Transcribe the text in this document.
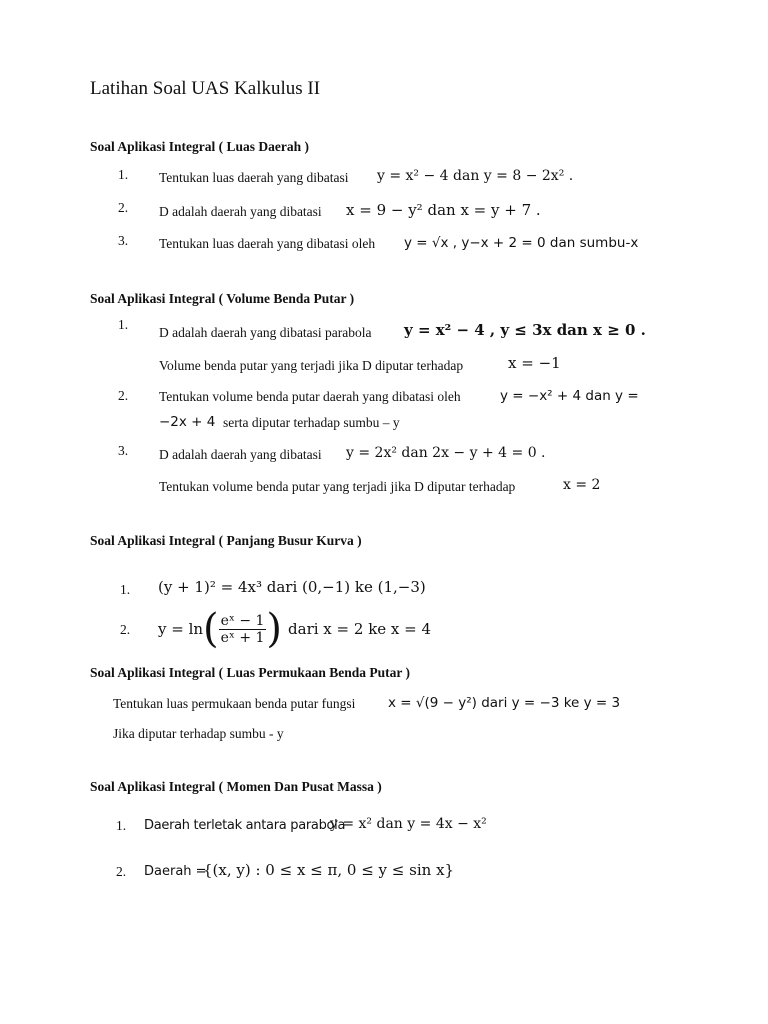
Latihan Soal UAS Kalkulus II
Soal Aplikasi Integral ( Luas Daerah )
1. Tentukan luas daerah yang dibatasi y = x² − 4 dan y = 8 − 2x² .
2. D adalah daerah yang dibatasi x = 9 − y² dan x = y + 7 .
3. Tentukan luas daerah yang dibatasi oleh y = √x , y−x + 2 = 0 dan sumbu-x
Soal Aplikasi Integral ( Volume Benda Putar )
1.
D adalah daerah yang dibatasi parabola y = x² − 4 , y ≤ 3x dan x ≥ 0 .
Volume benda putar yang terjadi jika D diputar terhadap	x = −1
2. Tentukan volume benda putar daerah yang dibatasi oleh	y = −x² + 4 dan y =
−2x + 4 serta diputar terhadap sumbu – y
3. D adalah daerah yang dibatasi y = 2x² dan 2x − y + 4 = 0 .
Tentukan volume benda putar yang terjadi jika D diputar terhadap	x = 2
Soal Aplikasi Integral ( Panjang Busur Kurva )
1. (y + 1)² = 4x³ dari (0,−1) ke (1,−3)
2. y = ln ( $\frac{\text{eˣ − 1}}{\text{eˣ + 1}}$ ) dari x = 2 ke x = 4
Soal Aplikasi Integral ( Luas Permukaan Benda Putar )
Tentukan luas permukaan benda putar fungsi x = √(9 − y²) dari y = −3 ke y = 3
Jika diputar terhadap sumbu - y
Soal Aplikasi Integral ( Momen Dan Pusat Massa )
1. Daerah terletak antara parabola
y = x² dan y = 4x − x²
2. Daerah =
{(x, y) : 0 ≤ x ≤ π, 0 ≤ y ≤ sin x}
